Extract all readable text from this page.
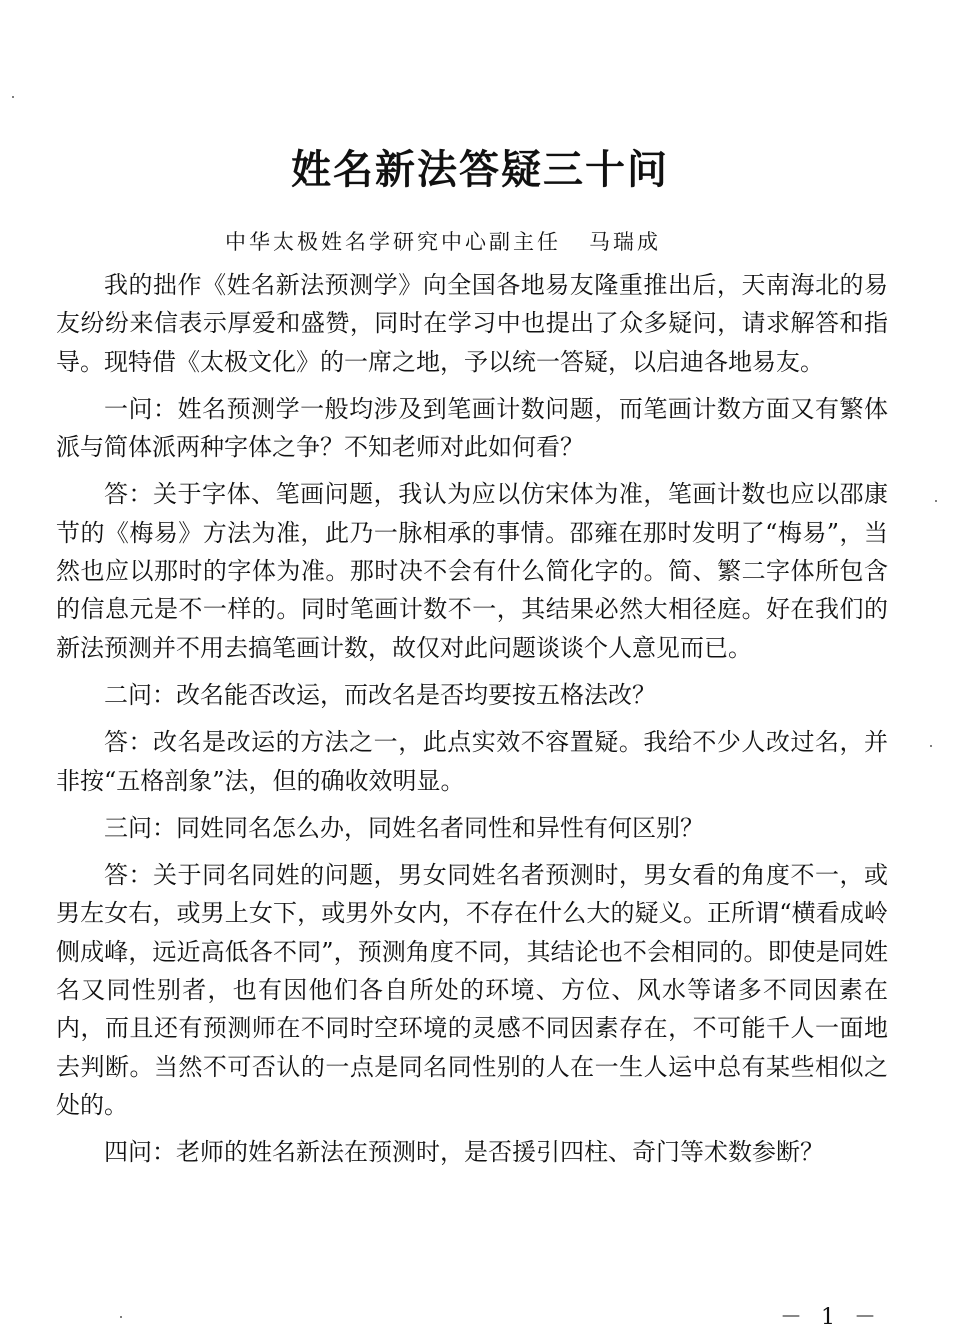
姓名新法答疑三十问
中华太极姓名学研究中心副主任 马瑞成

我的拙作《姓名新法预测学》向全国各地易友隆重推出后，天南海北的易友纷纷来信表示厚爱和盛赞，同时在学习中也提出了众多疑问，请求解答和指导。现特借《太极文化》的一席之地，予以统一答疑，以启迪各地易友。

一问：姓名预测学一般均涉及到笔画计数问题，而笔画计数方面又有繁体派与简体派两种字体之争？不知老师对此如何看？

答：关于字体、笔画问题，我认为应以仿宋体为准，笔画计数也应以邵康节的《梅易》方法为准，此乃一脉相承的事情。邵雍在那时发明了“梅易”，当然也应以那时的字体为准。那时决不会有什么简化字的。简、繁二字体所包含的信息元是不一样的。同时笔画计数不一，其结果必然大相径庭。好在我们的新法预测并不用去搞笔画计数，故仅对此问题谈谈个人意见而已。

二问：改名能否改运，而改名是否均要按五格法改？

答：改名是改运的方法之一，此点实效不容置疑。我给不少人改过名，并非按“五格剖象”法，但的确收效明显。

三问：同姓同名怎么办，同姓名者同性和异性有何区别？

答：关于同名同姓的问题，男女同姓名者预测时，男女看的角度不一，或男左女右，或男上女下，或男外女内，不存在什么大的疑义。正所谓“横看成岭侧成峰，远近高低各不同”，预测角度不同，其结论也不会相同的。即使是同姓名又同性别者，也有因他们各自所处的环境、方位、风水等诸多不同因素在内，而且还有预测师在不同时空环境的灵感不同因素存在，不可能千人一面地去判断。当然不可否认的一点是同名同性别的人在一生人运中总有某些相似之处的。

四问：老师的姓名新法在预测时，是否援引四柱、奇门等术数参断？

－ 1 －
